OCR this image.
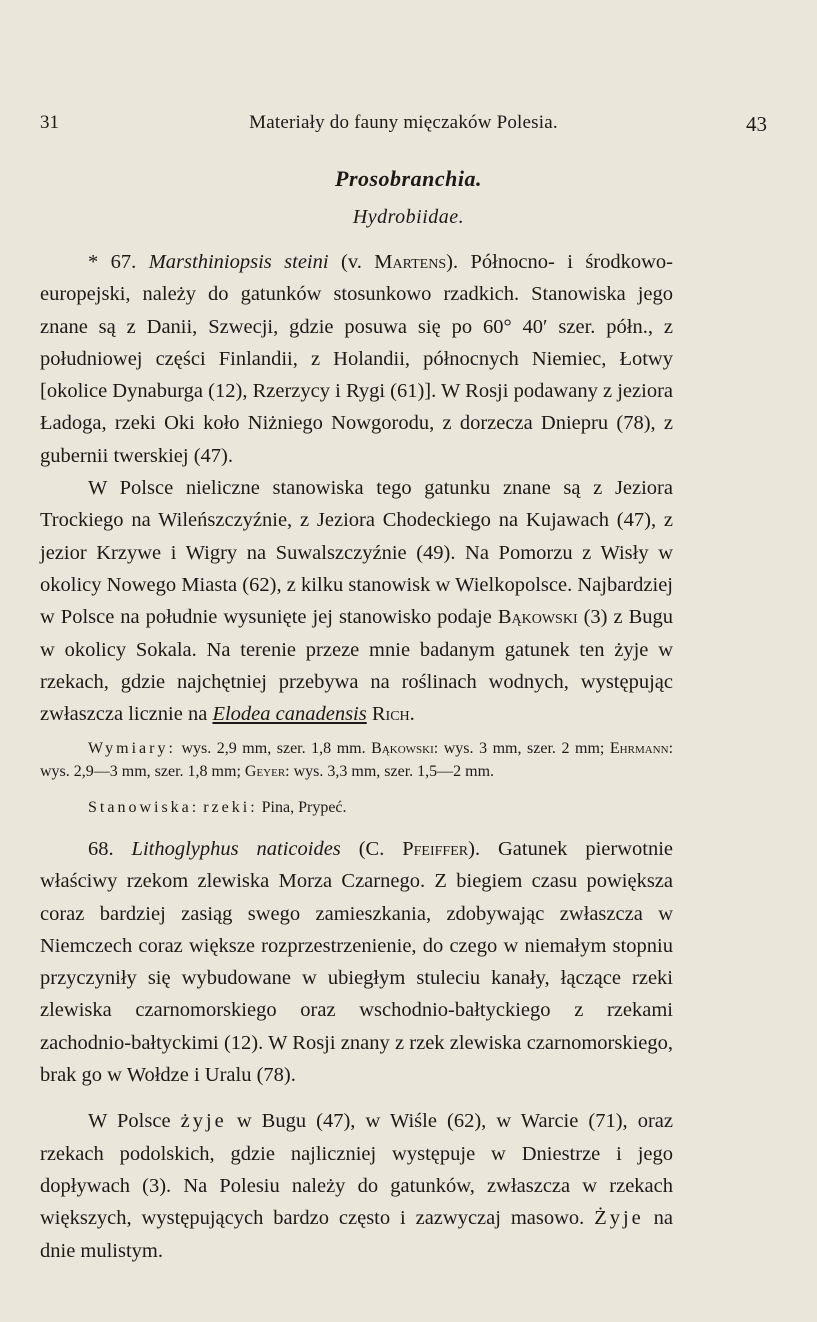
31	Materiały do fauny mięczaków Polesia.	43
Prosobranchia.
Hydrobiidae.

* 67. Marsthiniopsis steini (v. Martens). Północno- i środkowo-europejski, należy do gatunków stosunkowo rzadkich. Stanowiska jego znane są z Danii, Szwecji, gdzie posuwa się po 60° 40′ szer. półn., z południowej części Finlandii, z Holandii, północnych Niemiec, Łotwy [okolice Dynaburga (12), Rzerzycy i Rygi (61)]. W Rosji podawany z jeziora Ładoga, rzeki Oki koło Niżniego Nowgorodu, z dorzecza Dniepru (78), z gubernii twerskiej (47).

W Polsce nieliczne stanowiska tego gatunku znane są z Jeziora Trockiego na Wileńszczyźnie, z Jeziora Chodeckiego na Kujawach (47), z jezior Krzywe i Wigry na Suwalszczyźnie (49). Na Pomorzu z Wisły w okolicy Nowego Miasta (62), z kilku stanowisk w Wielkopolsce. Najbardziej w Polsce na południe wysunięte jej stanowisko podaje Bąkowski (3) z Bugu w okolicy Sokala. Na terenie przeze mnie badanym gatunek ten żyje w rzekach, gdzie najchętniej przebywa na roślinach wodnych, występując zwłaszcza licznie na Elodea canadensis Rich.

Wymiary: wys. 2,9 mm, szer. 1,8 mm. Bąkowski: wys. 3 mm, szer. 2 mm; Ehrmann: wys. 2,9—3 mm, szer. 1,8 mm; Geyer: wys. 3,3 mm, szer. 1,5—2 mm.

Stanowiska: rzeki: Pina, Prypeć.

68. Lithoglyphus naticoides (C. Pfeiffer). Gatunek pierwotnie właściwy rzekom zlewiska Morza Czarnego. Z biegiem czasu powiększa coraz bardziej zasiąg swego zamieszkania, zdobywając zwłaszcza w Niemczech coraz większe rozprzestrzenienie, do czego w niemałym stopniu przyczyniły się wybudowane w ubiegłym stuleciu kanały, łączące rzeki zlewiska czarnomorskiego oraz wschodnio-bałtyckiego z rzekami zachodnio-bałtyckimi (12). W Rosji znany z rzek zlewiska czarnomorskiego, brak go w Wołdze i Uralu (78).

W Polsce żyje w Bugu (47), w Wiśle (62), w Warcie (71), oraz rzekach podolskich, gdzie najliczniej występuje w Dniestrze i jego dopływach (3). Na Polesiu należy do gatunków, zwłaszcza w rzekach większych, występujących bardzo często i zazwyczaj masowo. Żyje na dnie mulistym.
